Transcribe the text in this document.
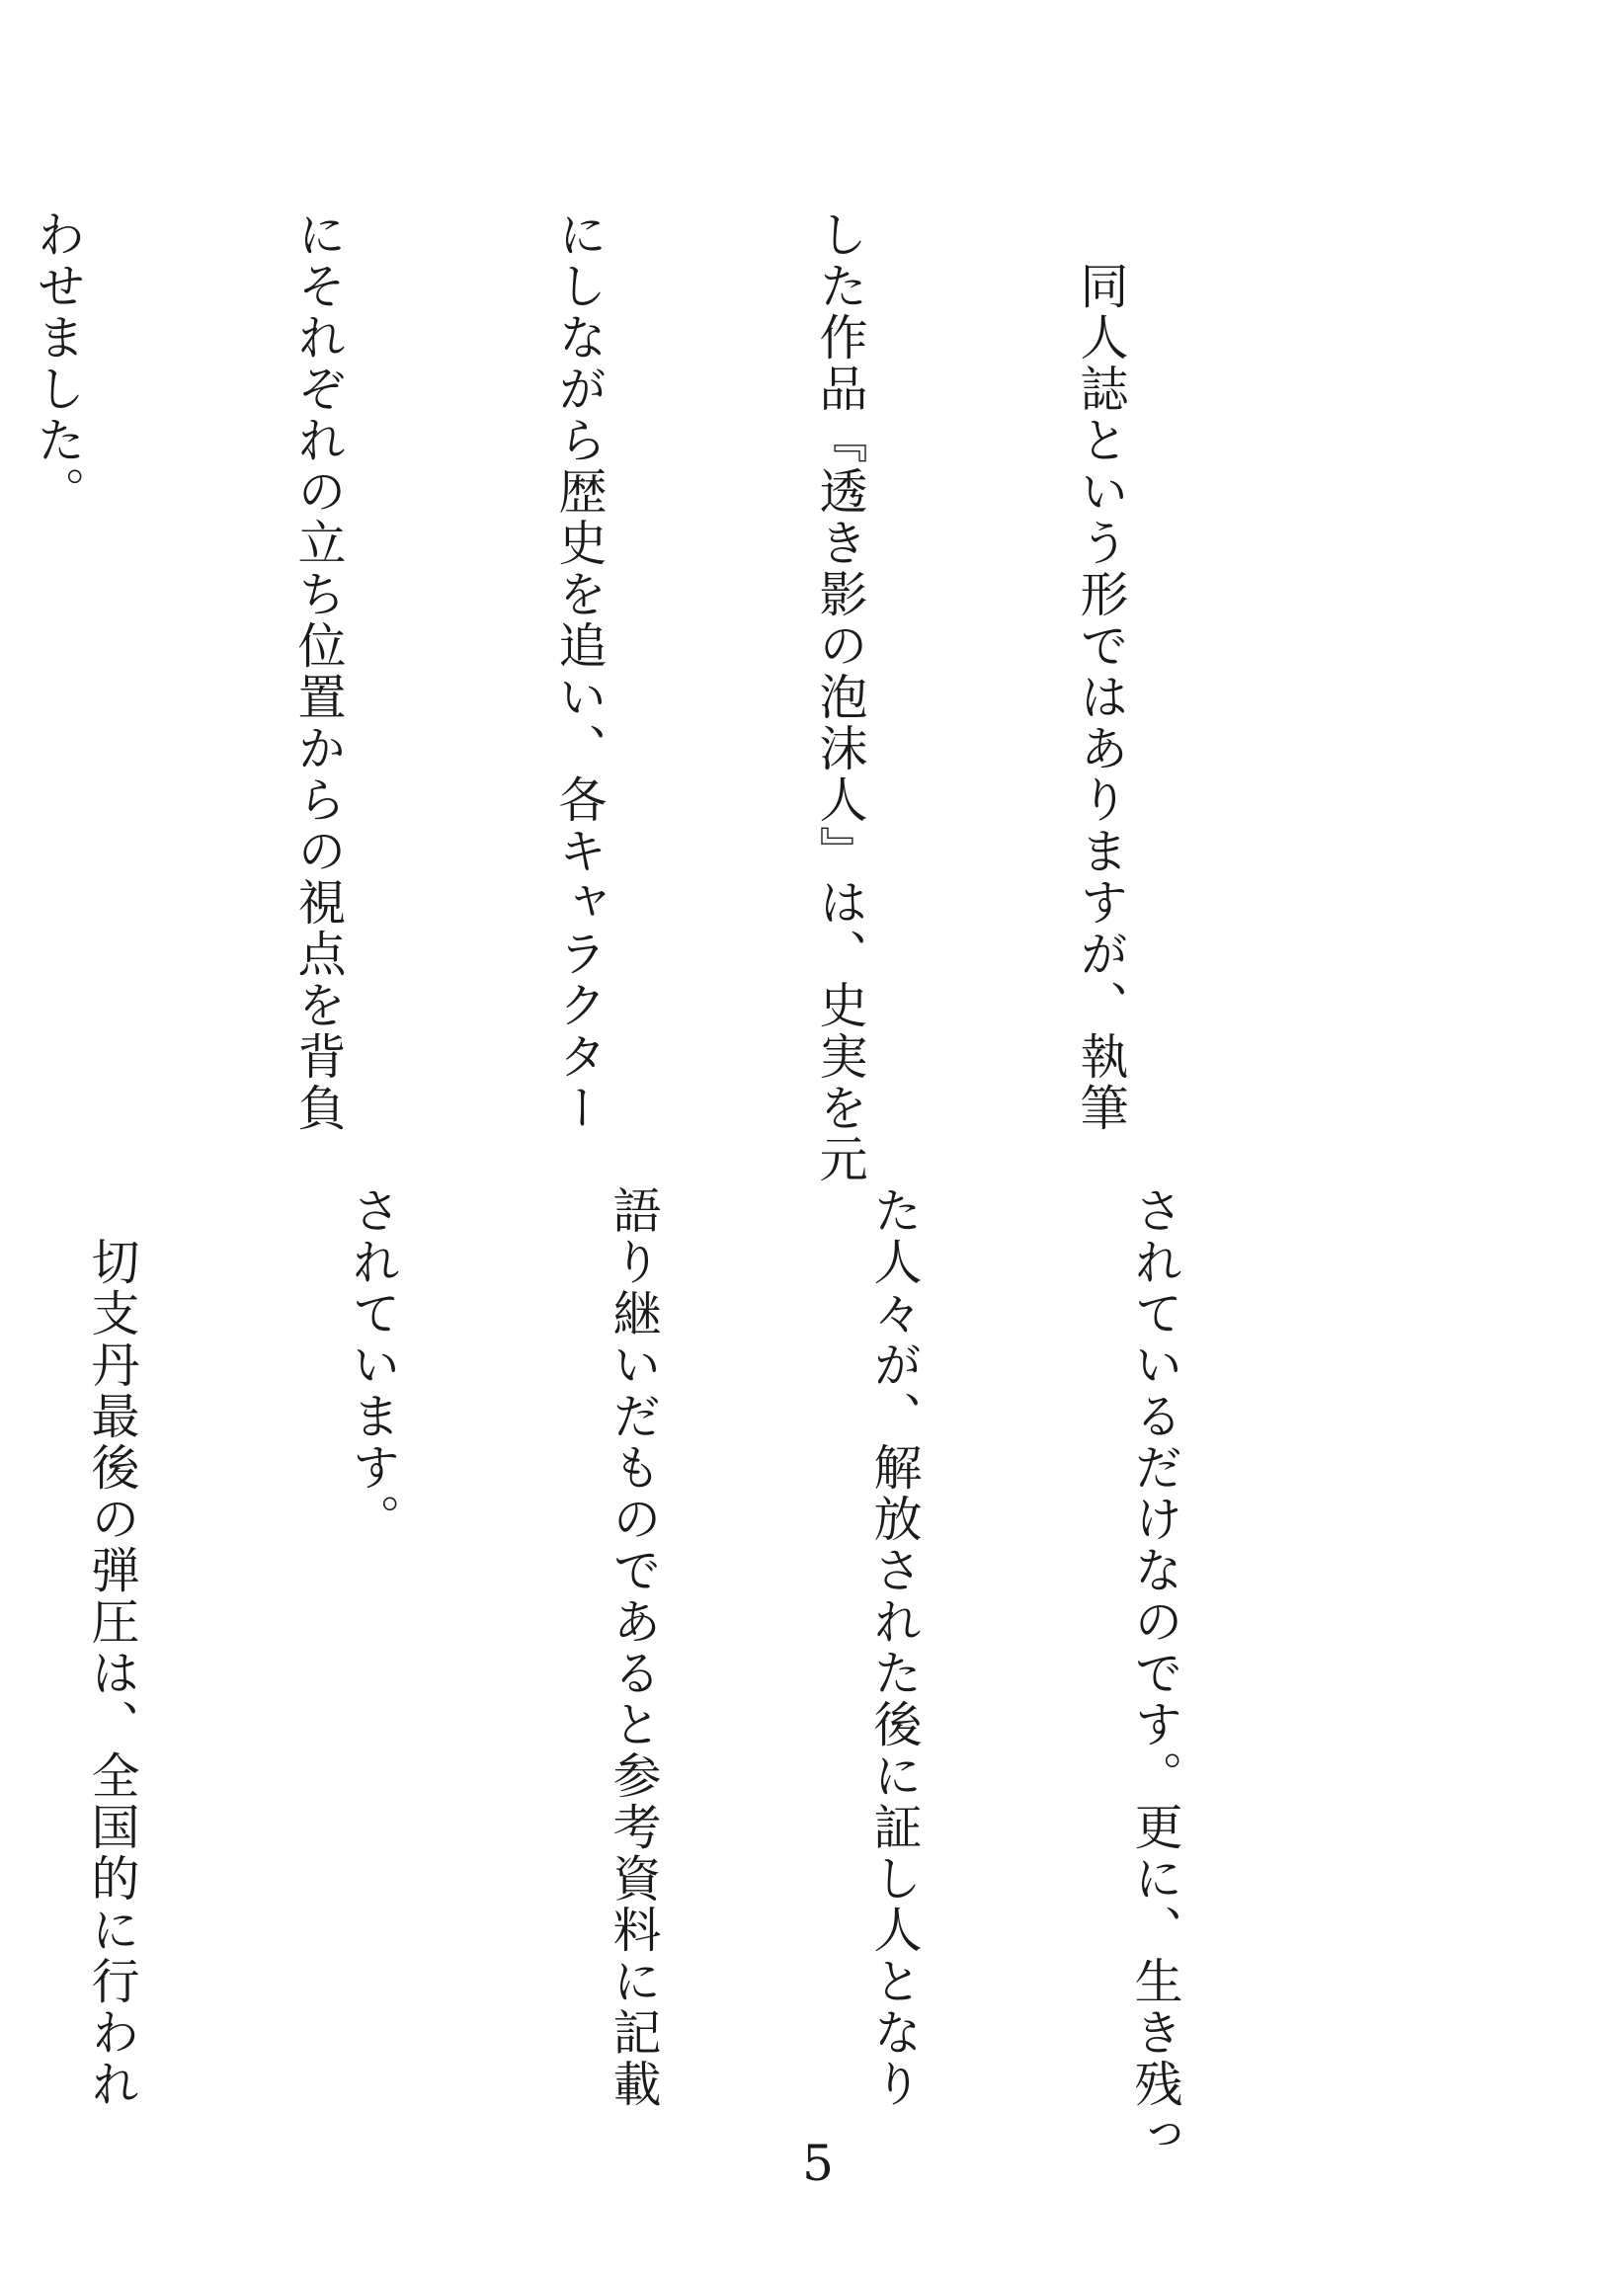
　同人誌という形ではありますが、執筆

した作品『透き影の泡沫人』は、史実を元

にしながら歴史を追い、各キャラクター

にそれぞれの立ち位置からの視点を背負

わせました。

されているだけなのです。更に、生き残っ

た人々が、解放された後に証し人となり

語り継いだものであると参考資料に記載

されています。

　切支丹最後の弾圧は、全国的に行われ

5
